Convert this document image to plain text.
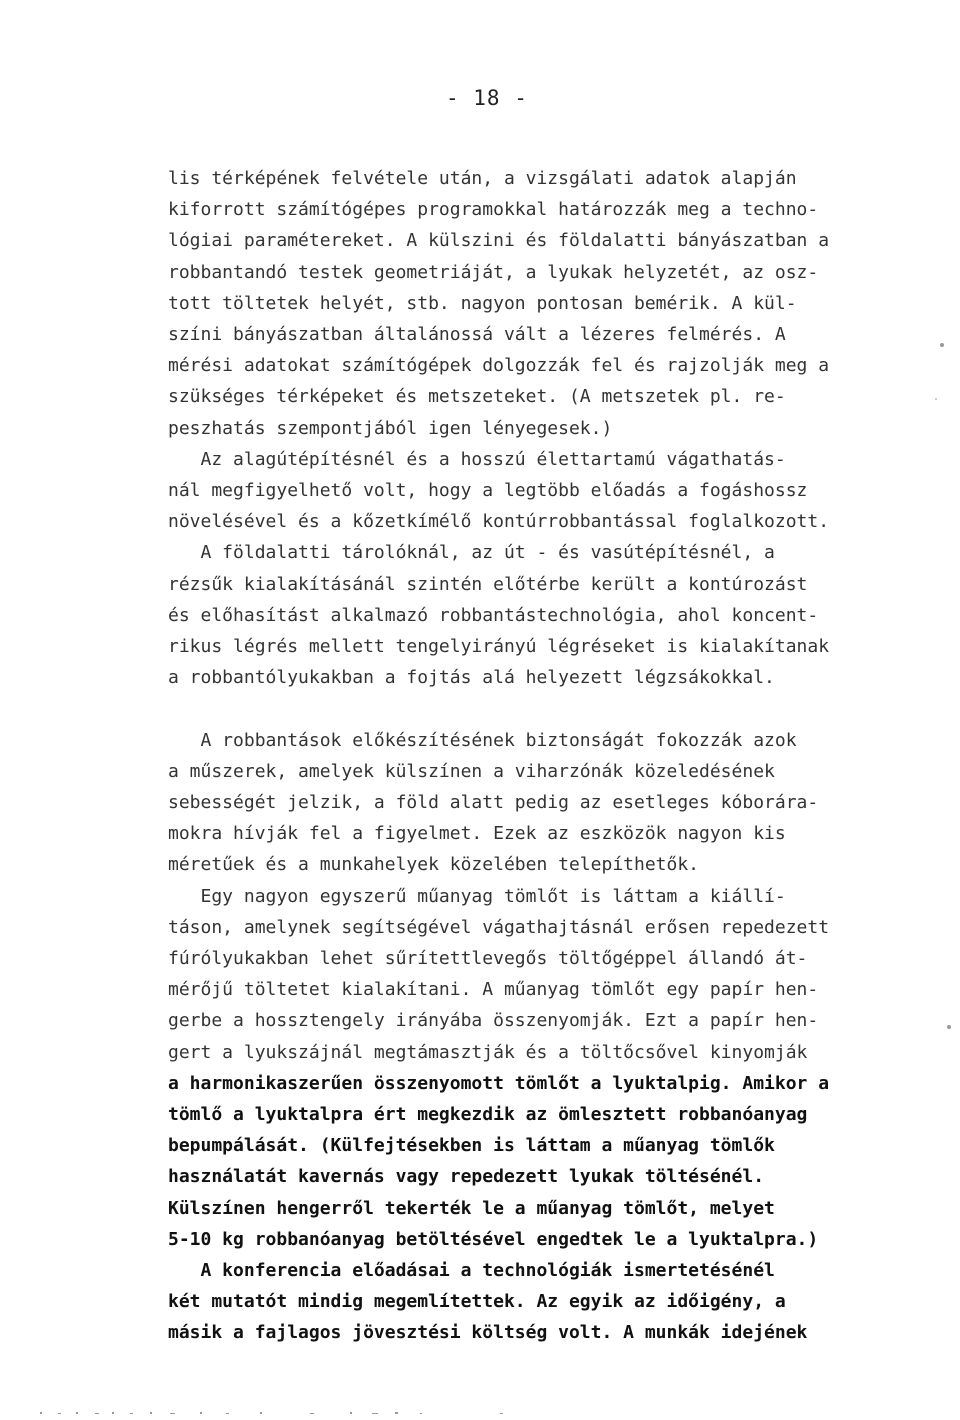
- 18 -
lis térképének felvétele után, a vizsgálati adatok alapján
kiforrott számítógépes programokkal határozzák meg a techno-
lógiai paramétereket. A külszini és földalatti bányászatban a
robbantandó testek geometriáját, a lyukak helyzetét, az osz-
tott töltetek helyét, stb. nagyon pontosan bemérik. A kül-
színi bányászatban általánossá vált a lézeres felmérés. A
mérési adatokat számítógépek dolgozzák fel és rajzolják meg a
szükséges térképeket és metszeteket. (A metszetek pl. re-
peszhatás szempontjából igen lényegesek.)
Az alagútépítésnél és a hosszú élettartamú vágathatás-
nál megfigyelhető volt, hogy a legtöbb előadás a fogáshossz
növelésével és a kőzetkímélő kontúrrobbantással foglalkozott.
A földalatti tárolóknál, az út - és vasútépítésnél, a
rézsűk kialakításánál szintén előtérbe került a kontúrozást
és előhasítást alkalmazó robbantástechnológia, ahol koncent-
rikus légrés mellett tengelyirányú légréseket is kialakítanak
a robbantólyukakban a fojtás alá helyezett légzsákokkal.
A robbantások előkészítésének biztonságát fokozzák azok
a műszerek, amelyek külszínen a viharzónák közeledésének
sebességét jelzik, a föld alatt pedig az esetleges kóborára-
mokra hívják fel a figyelmet. Ezek az eszközök nagyon kis
méretűek és a munkahelyek közelében telepíthetők.
Egy nagyon egyszerű műanyag tömlőt is láttam a kiállí-
táson, amelynek segítségével vágathajtásnál erősen repedezett
fúrólyukakban lehet sűrítettlevegős töltőgéppel állandó át-
mérőjű töltetet kialakítani. A műanyag tömlőt egy papír hen-
gerbe a hossztengely irányába összenyomják. Ezt a papír hen-
gert a lyukszájnál megtámasztják és a töltőcsővel kinyomják
a harmonikaszerűen összenyomott tömlőt a lyuktalpig. Amikor a
tömlő a lyuktalpra ért megkezdik az ömlesztett robbanóanyag
bepumpálását. (Külfejtésekben is láttam a műanyag tömlők
használatát kavernás vagy repedezett lyukak töltésénél.
Külszínen hengerről tekerték le a műanyag tömlőt, melyet
5-10 kg robbanóanyag betöltésével engedtek le a lyuktalpra.)
A konferencia előadásai a technológiák ismertetésénél
két mutatót mindig megemlítettek. Az egyik az időigény, a
másik a fajlagos jövesztési költség volt. A munkák idejének
